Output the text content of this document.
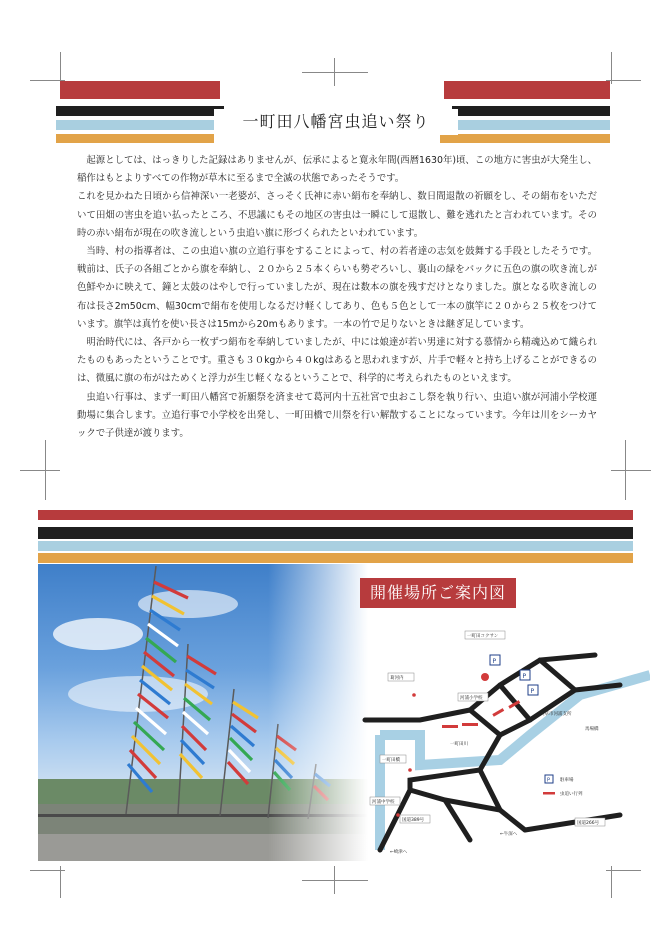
一町田八幡宮虫追い祭り

起源としては、はっきりした記録はありませんが、伝承によると寛永年間(西暦1630年)頃、この地方に害虫が大発生し、稲作はもとよりすべての作物が草木に至るまで全滅の状態であったそうです。

これを見かねた日頃から信神深い一老婆が、さっそく氏神に赤い絹布を奉納し、数日間退散の祈願をし、その絹布をいただいて田畑の害虫を追い払ったところ、不思議にもその地区の害虫は一瞬にして退散し、難を逃れたと言われています。その時の赤い絹布が現在の吹き流しという虫追い旗に形づくられたといわれています。

当時、村の指導者は、この虫追い旗の立追行事をすることによって、村の若者達の志気を鼓舞する手段としたそうです。戦前は、氏子の各組ごとから旗を奉納し、２０から２５本くらいも勢ぞろいし、裏山の緑をバックに五色の旗の吹き流しが色鮮やかに映えて、鐘と太鼓のはやしで行っていましたが、現在は数本の旗を残すだけとなりました。旗となる吹き流しの布は長さ2m50cm、幅30cmで絹布を使用しなるだけ軽くしてあり、色も５色として一本の旗竿に２０から２５枚をつけています。旗竿は真竹を使い長さは15mから20mもあります。一本の竹で足りないときは継ぎ足しています。

明治時代には、各戸から一枚ずつ絹布を奉納していましたが、中には娘達が若い男達に対する慕情から精魂込めて織られたものもあったということです。重さも３０kgから４０kgはあると思われますが、片手で軽々と持ち上げることができるのは、微風に旗の布がはためくと浮力が生じ軽くなるということで、科学的に考えられたものといえます。

虫追い行事は、まず一町田八幡宮で祈願祭を済ませて葛河内十五社宮で虫おこし祭を執り行い、虫追い旗が河浦小学校運動場に集合します。立追行事で小学校を出発し、一町田橋で川祭を行い解散することになっています。今年は川をシーカヤックで子供達が渡ります。

開催場所ご案内図
P
P
P
一町田コクサン
葛河内
河浦小学校
天草市河浦支所
馬場橋
一町田川
一町田橋
河浦中学校
国道389号
国道266号
←崎津へ
←牛深へ
P 駐車場
虫追い行列
